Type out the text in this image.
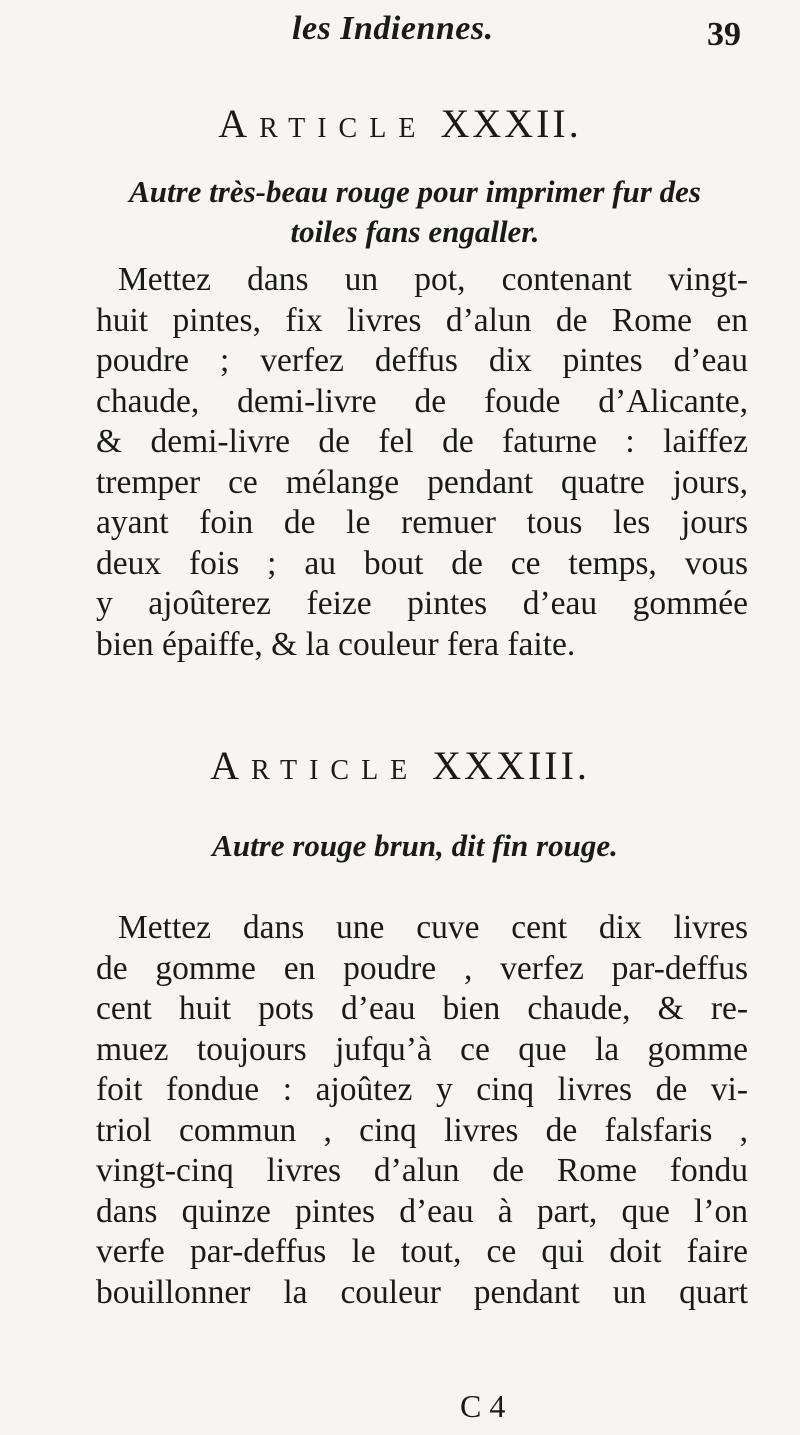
les Indiennes.	39
Article XXXII.
Autre très-beau rouge pour imprimer fur des
toiles fans engaller.
Mettez dans un pot, contenant vingt-
huit pintes, fix livres d’alun de Rome en
poudre ; verfez deffus dix pintes d’eau
chaude, demi-livre de foude d’Alicante,
& demi-livre de fel de faturne : laiffez
tremper ce mélange pendant quatre jours,
ayant foin de le remuer tous les jours
deux fois ; au bout de ce temps, vous
y ajoûterez feize pintes d’eau gommée
bien épaiffe, & la couleur fera faite.
Article XXXIII.
Autre rouge brun, dit fin rouge.
Mettez dans une cuve cent dix livres
de gomme en poudre , verfez par-deffus
cent huit pots d’eau bien chaude, & re-
muez toujours jufqu’à ce que la gomme
foit fondue : ajoûtez y cinq livres de vi-
triol commun , cinq livres de falsfaris ,
vingt-cinq livres d’alun de Rome fondu
dans quinze pintes d’eau à part, que l’on
verfe par-deffus le tout, ce qui doit faire
bouillonner la couleur pendant un quart
C 4
